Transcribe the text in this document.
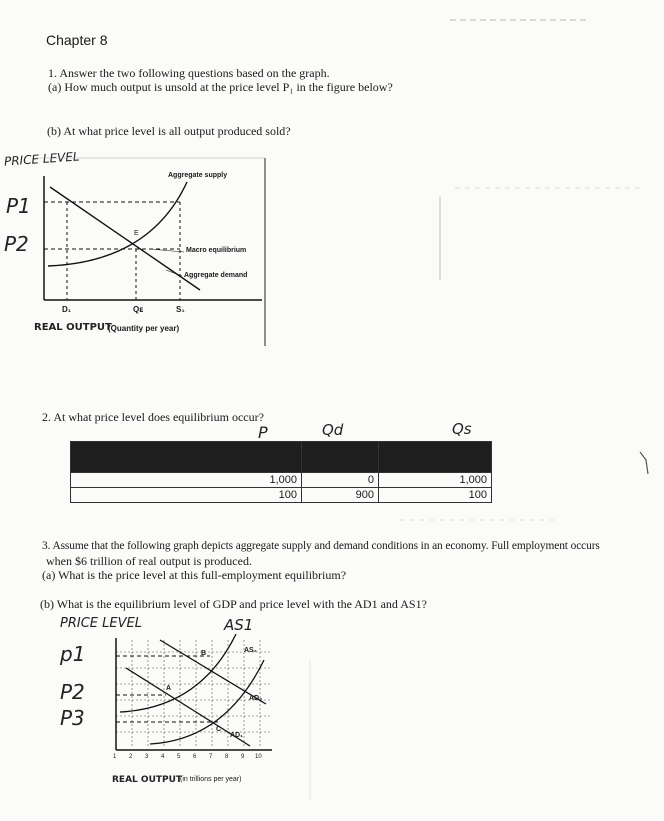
Chapter 8
1. Answer the two following questions based on the graph.
(a) How much output is unsold at the price level P₁ in the figure below?
(b) At what price level is all output produced sold?
PRICE LEVEL
P1
P2
Aggregate supply
Macro equilibrium
Aggregate demand
E
D₁	Qᴇ	S₁
REAL OUTPUT
(Quantity per year)
2. At what price level does equilibrium occur?
P	Qd	Qs

1,000	0	1,000
100	900	100
3. Assume that the following graph depicts aggregate supply and demand conditions in an economy. Full employment occurs
when $6 trillion of real output is produced.
(a) What is the price level at this full-employment equilibrium?
(b) What is the equilibrium level of GDP and price level with the AD1 and AS1?
PRICE LEVEL	AS1
p1
P2
P3
AS₂
AD₂
AD₁
A
B
C
1 2 3 4 5 6 7 8 9 10
REAL OUTPUT
(in trillions per year)
